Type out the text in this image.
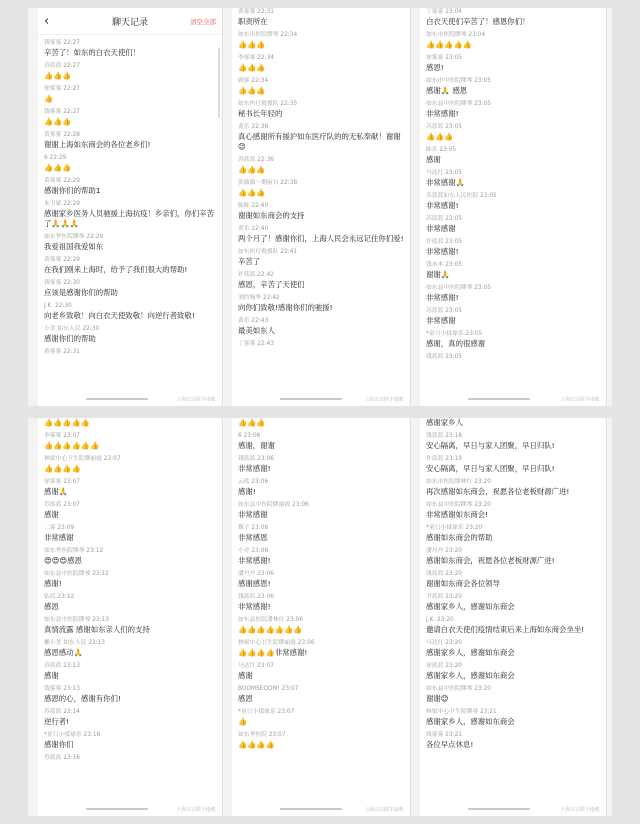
‹	聊天记录	清空全部
钱雾雾 22:27
辛苦了！如东的白衣天使们！
苏蓝蓝 22:27
👍👍👍
徐雾雾 22:27
👍
钱雾雾 22:27
👍👍👍
黄雾雾 22:28
谢谢上海如东商会的各位老乡们!
6 22:29
👍👍👍
黄雾雾 22:29
感谢你们的帮助1
朱卫斌 22:29
感谢家乡医务人员驰援上海抗疫！乡亲们，你们辛苦了🙏🙏🙏
如东华医院缪琴 22:29
我爱祖国我爱如东
黄雾雾 22:29
在我们刚来上海时，给予了我们很大的帮助!
钱雾雾 22:30
应该是感谢你们的帮助
J.K. 22:30
向老乡致敬！向白衣天使致敬！向逆行者致敬!
小美 如东人民 22:30
感谢你们的帮助
黄雾雾 22:31
上海以宗联手康帐
黄雾雾 22:31
职责所在
如东市医院缪琴 22:34
👍👍👍
李雾雾 22:34
👍👍👍
顾雾 22:34
👍👍👍
如东医疗救援队 22:35
秘书长年轻的
黄乐 22:36
真心感谢所有援沪如东医疗队的的无私奉献！谢谢😊
苏蓝蓝 22:36
👍👍👍
张薇薇一期前台 22:38
👍👍👍
陈陈 22:40
谢谢如东商会的支持
黄乐 22:40
两个月了！感谢你们，上海人民会永远记住你们爱!
如东医疗救援队 22:41
辛苦了
许蓝蓝 22:42
感恩，辛苦了天使们
刘约翰华 22:42
向你们致敬!感谢你们的驰援!
黄乐 22:43
最美如东人
丁雾雾 22:43
上海以宗联手康帐
丁雾雾 23:04
白衣天使们辛苦了！感恩你们！
如东市医院缪琴 23:04
👍👍👍👍👍
徐雾雾 23:05
感恩!
如东市中医院缪琴 23:05
感谢🙏 感恩
如东县中医院缪琴 23:05
非常感谢!
苏蓝蓝 23:05
👍👍👍
陈乐 23:05
感谢
马达红 23:05
非常感谢🙏
乐蓝蓝如东人民医院 23:05
非常感谢!
苏蓝蓝 23:05
非常感谢
许蓝蓝 23:05
非常感谢!
钱木木 23:05
谢谢🙏
如东县中医院缪琴 23:05
非常感谢!
苏蓝蓝 23:05
非常感谢
*童只小揉球乐 23:05
感谢，真的很感谢
钱蓝蓝 23:05
上海以宗联手康帐
👍👍👍👍👍
李雾雾 23:07
👍👍👍👍👍👍
林梁中心卫生院缪丽霞 23:07
👍👍👍👍
徐雾雾 23:07
感谢🙏
苏蓝蓝 23:07
感谢
二雾 23:09
非常感谢
如东华医院缪琴 23:12
😍😍😍感恩
如东县中医院缪琴 23:12
感谢!
钻蓝 23:12
感恩
如东县中医院缪琴 23:13
真情流露 感谢如东亲人们的支持
懒小美 如东人民 23:13
感恩感动🙏
苏蓝蓝 23:13
感谢
钱雾雾 23:13
感恩的心，感谢有你们!
苏蓝蓝 23:14
逆行者!
*童只小揉球乐 23:16
感谢你们
苏蓝蓝 23:16
上海以宗联手康帐
👍👍👍
6 23:06
感谢，谢谢
钱蓝蓝 23:06
非常感谢!
云蓝 23:06
感谢!
如东县中医院缪丽霞 23:06
非常感谢
棵子 23:06
非常感恩
小青 23:06
非常感谢!
潘丹丹 23:06
感谢感恩!
钱蓝蓝 23:06
非常感谢!
如东县医院潘林红 23:06
👍👍👍👍👍👍👍
林梁中心卫生院缪丽霞 23:06
👍👍👍👍非常感谢!
马达红 23:07
感谢
BOOMSEOOM! 23:07
感恩
*童只小揉球乐 23:07
👍
如东华医院 23:07
👍👍👍👍
上海以宗联手康帐
感谢家乡人
钱蓝蓝 23:18
安心隔离，早日与家人团聚，早日归队!
许蓝蓝 23:19
安心隔离，早日与家人团聚，早日归队!
如东市医院缪林红 23:20
再次感谢如东商会，祝愿各位老板财源广进!
如东县中医院缪琴 23:20
非常感谢如东商会!
*童只小揉球乐 23:20
感谢如东商会的帮助
潘丹丹 23:20
感谢如东商会，祝愿各位老板财源广进!
钱蓝蓝 23:20
谢谢如东商会各位领导
尹蓝蓝 23:20
感谢家乡人，感谢如东商会
J.K. 23:20
邀请白衣天使们疫情结束后来上海如东商会坐坐!
马达红 23:20
感谢家乡人，感谢如东商会
徐蓝蓝 23:20
感谢家乡人，感谢如东商会
如东县中医院缪琴 23:20
谢谢😊
林梁中心卫生院缪琴 23:21
感谢家乡人，感谢如东商会
钱雾雾 23:21
各位早点休息!
上海以宗联手康帐
